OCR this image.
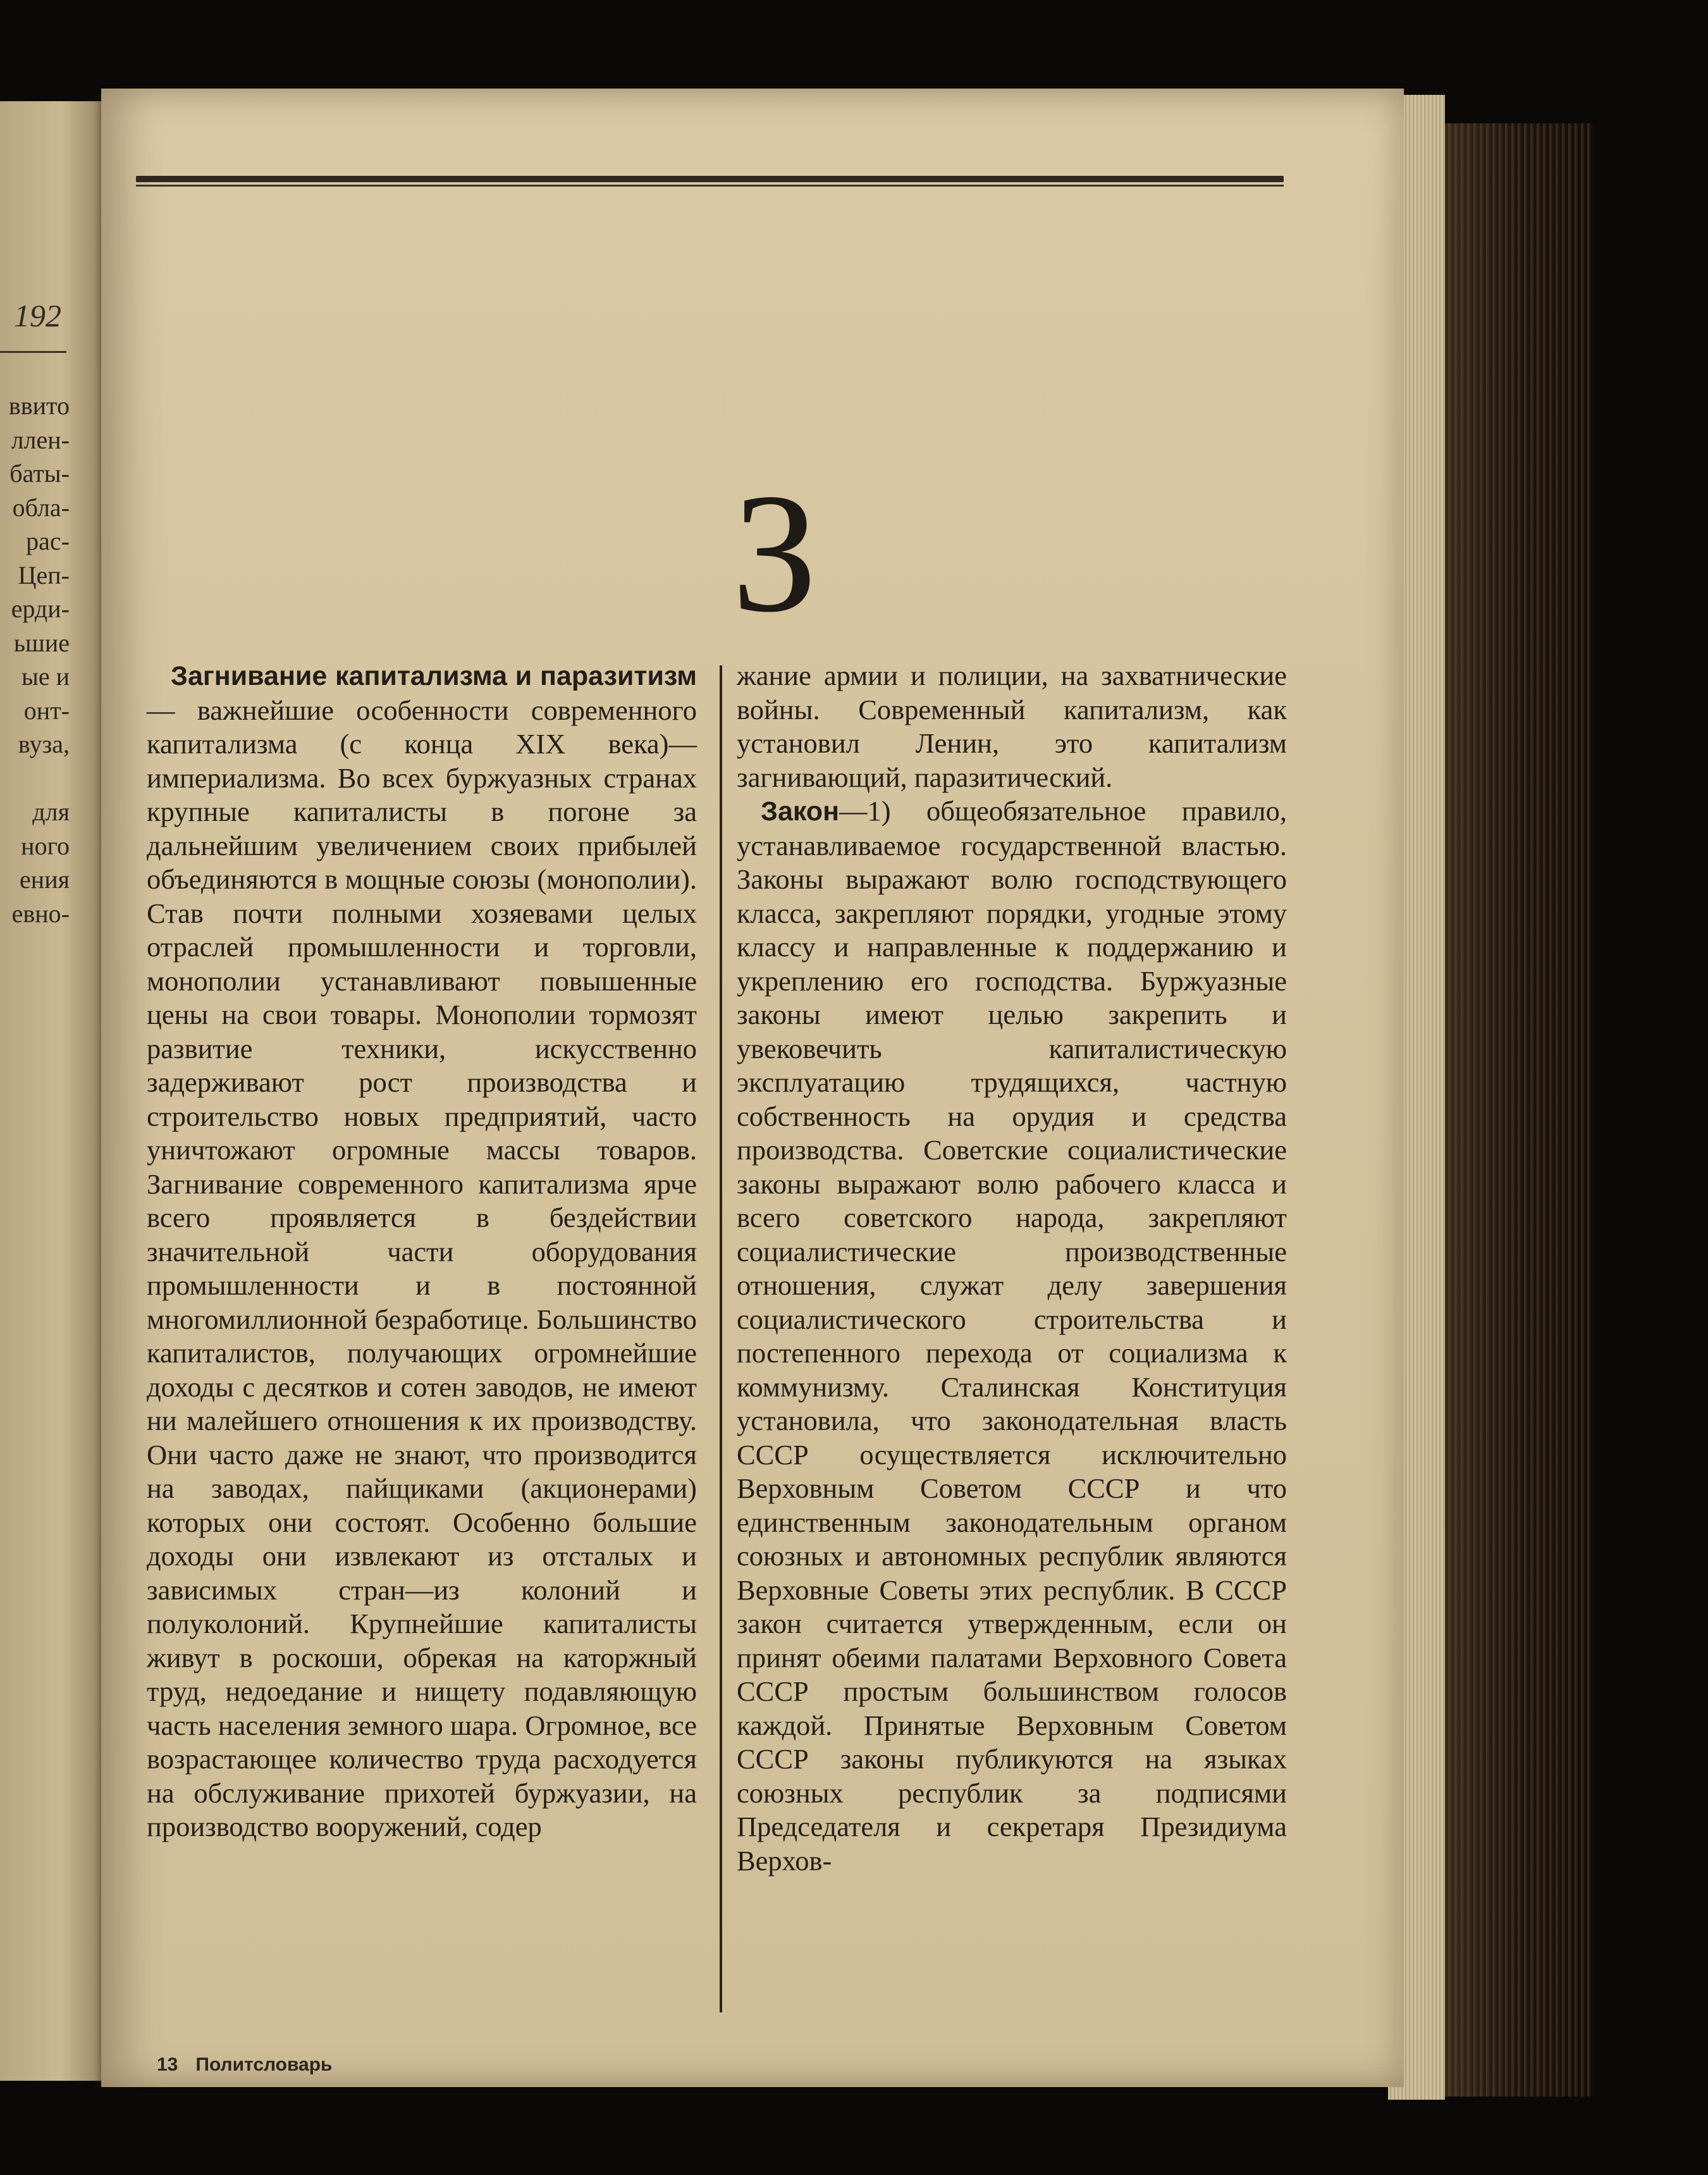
192
ввито
ллен-
баты-
обла-
рас-
Цеп-
ерди-
ьшие
ые и
онт-
вуза,

для
ного
ения
евно-
З

Загнивание капитализма и паразитизм — важнейшие особенности современного капитализма (с конца XIX века)—империализма. Во всех буржуазных странах крупные капиталисты в погоне за дальнейшим увеличением своих прибылей объединяются в мощные союзы (монополии). Став почти полными хозяевами целых отраслей промышленности и торговли, монополии устанавливают повышенные цены на свои товары. Монополии тормозят развитие техники, искусственно задерживают рост производства и строительство новых предприятий, часто уничтожают огромные массы товаров. Загнивание современного капитализма ярче всего проявляется в бездействии значительной части оборудования промышленности и в постоянной многомиллионной безработице. Большинство капиталистов, получающих огромнейшие доходы с десятков и сотен заводов, не имеют ни малейшего отношения к их производству. Они часто даже не знают, что производится на заводах, пайщиками (акционерами) которых они состоят. Особенно большие доходы они извлекают из отсталых и зависимых стран—из колоний и полуколоний. Крупнейшие капиталисты живут в роскоши, обрекая на каторжный труд, недоедание и нищету подавляющую часть населения земного шара. Огромное, все возрастающее количество труда расходуется на обслуживание прихотей буржуазии, на производство вооружений, содер

жание армии и полиции, на захватнические войны. Современный капитализм, как установил Ленин, это капитализм загнивающий, паразитический.

Закон—1) общеобязательное правило, устанавливаемое государственной властью. Законы выражают волю господствующего класса, закрепляют порядки, угодные этому классу и направленные к поддержанию и укреплению его господства. Буржуазные законы имеют целью закрепить и увековечить капиталистическую эксплуатацию трудящихся, частную собственность на орудия и средства производства. Советские социалистические законы выражают волю рабочего класса и всего советского народа, закрепляют социалистические производственные отношения, служат делу завершения социалистического строительства и постепенного перехода от социализма к коммунизму. Сталинская Конституция установила, что законодательная власть СССР осуществляется исключительно Верховным Советом СССР и что единственным законодательным органом союзных и автономных республик являются Верховные Советы этих республик. В СССР закон считается утвержденным, если он принят обеими палатами Верховного Совета СССР простым большинством голосов каждой. Принятые Верховным Советом СССР законы публикуются на языках союзных республик за подписями Председателя и секретаря Президиума Верхов-

13 Политсловарь
